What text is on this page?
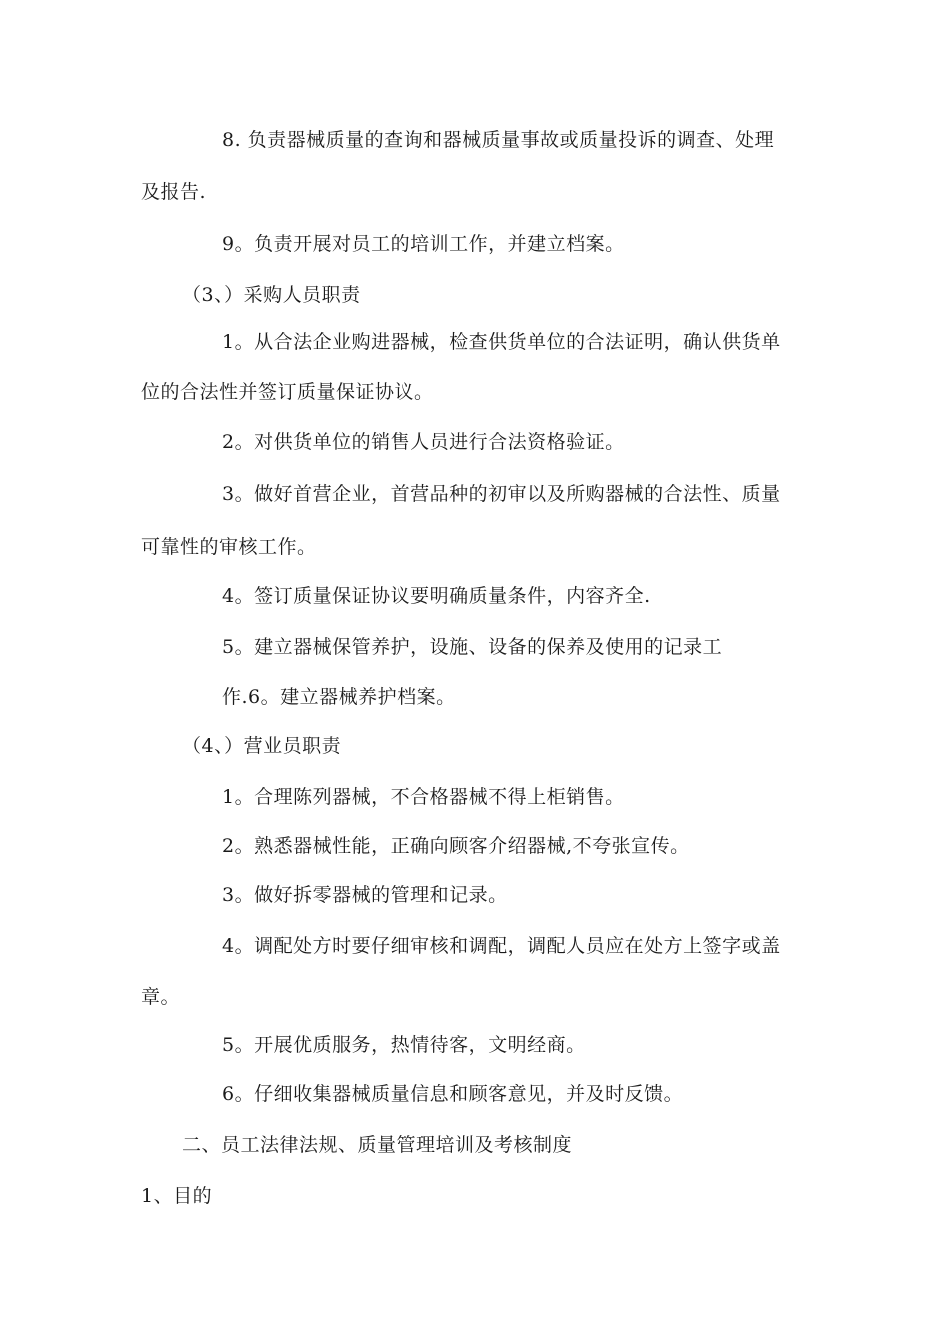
8. 负责器械质量的查询和器械质量事故或质量投诉的调查、处理
及报告.
9。负责开展对员工的培训工作，并建立档案。
（3、）采购人员职责
1。从合法企业购进器械，检查供货单位的合法证明，确认供货单
位的合法性并签订质量保证协议。
2。对供货单位的销售人员进行合法资格验证。
3。做好首营企业，首营品种的初审以及所购器械的合法性、质量
可靠性的审核工作。
4。签订质量保证协议要明确质量条件，内容齐全.
5。建立器械保管养护，设施、设备的保养及使用的记录工
作.6。建立器械养护档案。
（4、）营业员职责
1。合理陈列器械，不合格器械不得上柜销售。
2。熟悉器械性能，正确向顾客介绍器械,不夸张宣传。
3。做好拆零器械的管理和记录。
4。调配处方时要仔细审核和调配，调配人员应在处方上签字或盖
章。
5。开展优质服务，热情待客，文明经商。
6。仔细收集器械质量信息和顾客意见，并及时反馈。
二、员工法律法规、质量管理培训及考核制度
1、目的
